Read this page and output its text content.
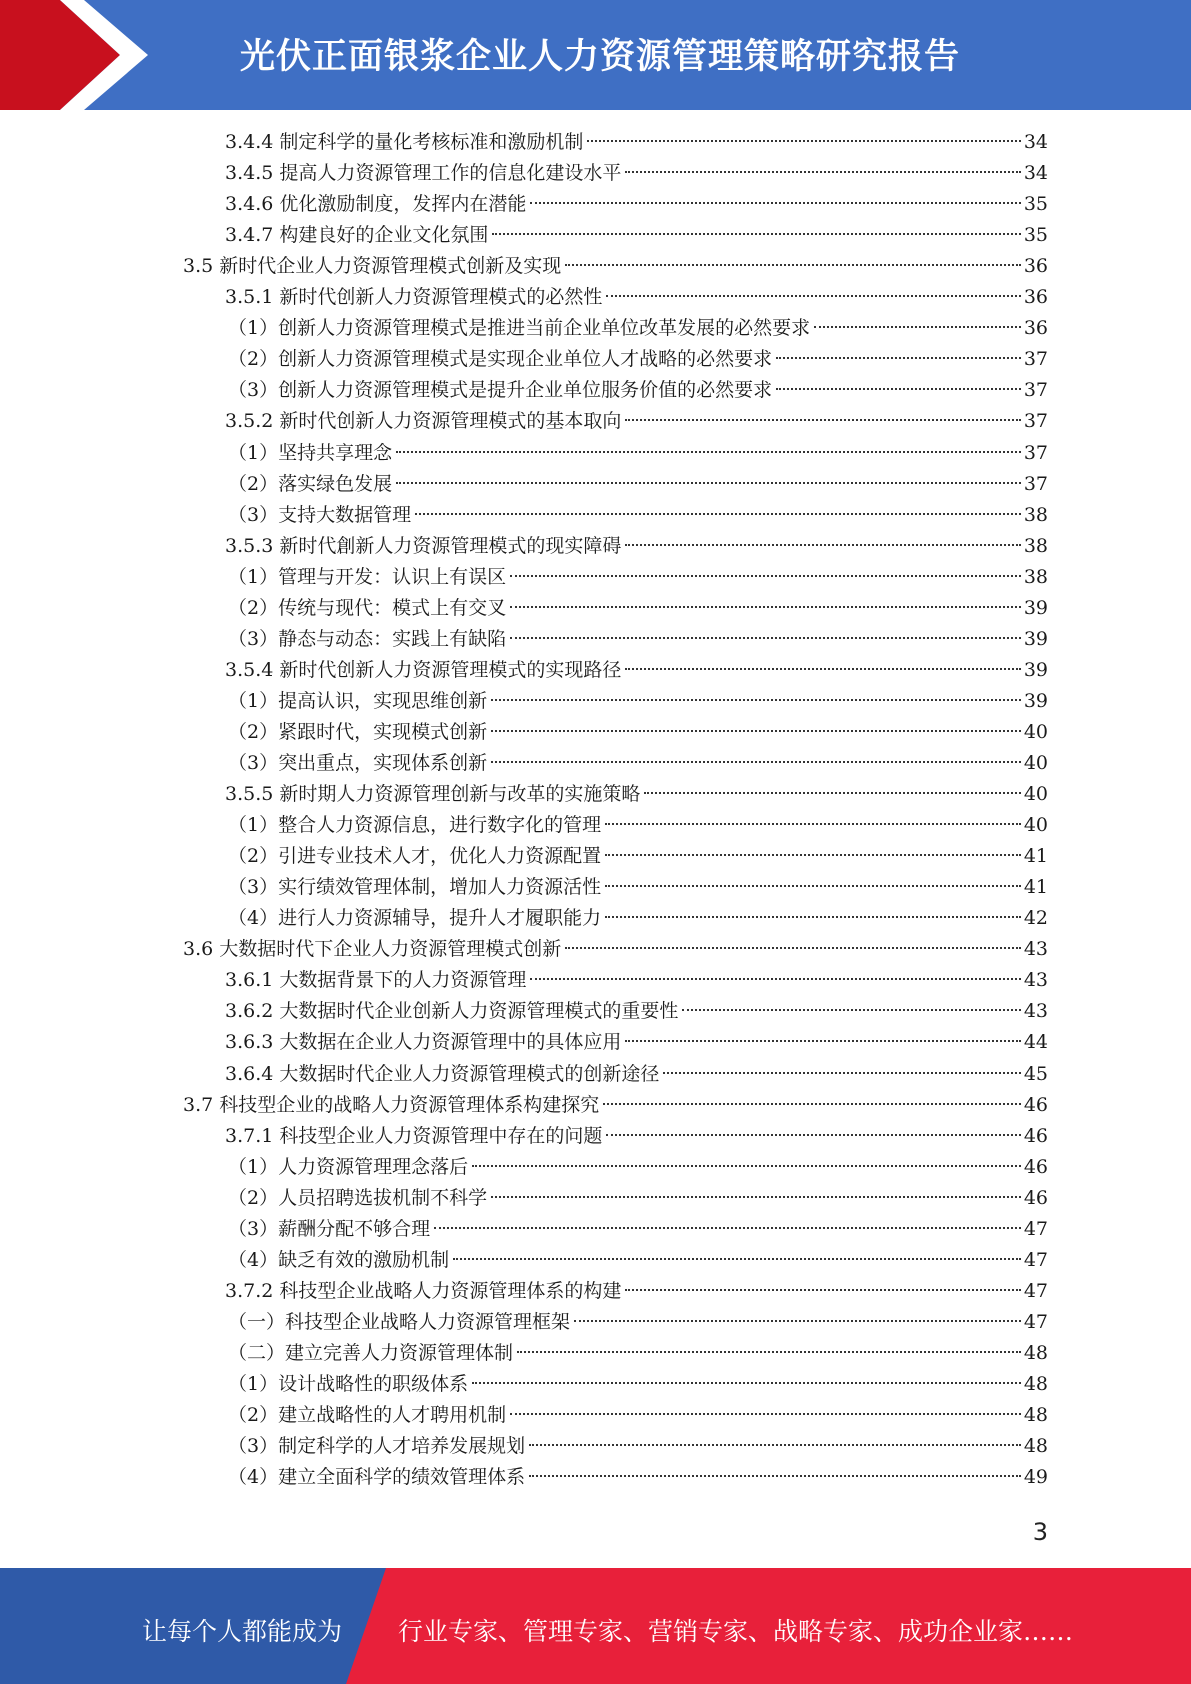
光伏正面银浆企业人力资源管理策略研究报告
3.4.4 制定科学的量化考核标准和激励机制	34
3.4.5 提高人力资源管理工作的信息化建设水平	34
3.4.6 优化激励制度，发挥内在潜能	35
3.4.7 构建良好的企业文化氛围	35
3.5 新时代企业人力资源管理模式创新及实现	36
3.5.1 新时代创新人力资源管理模式的必然性	36
（1）创新人力资源管理模式是推进当前企业单位改革发展的必然要求	36
（2）创新人力资源管理模式是实现企业单位人才战略的必然要求	37
（3）创新人力资源管理模式是提升企业单位服务价值的必然要求	37
3.5.2 新时代创新人力资源管理模式的基本取向	37
（1）坚持共享理念	37
（2）落实绿色发展	37
（3）支持大数据管理	38
3.5.3 新时代創新人力资源管理模式的现实障碍	38
（1）管理与开发：认识上有误区	38
（2）传统与现代：模式上有交叉	39
（3）静态与动态：实践上有缺陷	39
3.5.4 新时代创新人力资源管理模式的实现路径	39
（1）提高认识，实现思维创新	39
（2）紧跟时代，实现模式创新	40
（3）突出重点，实现体系创新	40
3.5.5 新时期人力资源管理创新与改革的实施策略	40
（1）整合人力资源信息，进行数字化的管理	40
（2）引进专业技术人才，优化人力资源配置	41
（3）实行绩效管理体制，增加人力资源活性	41
（4）进行人力资源辅导，提升人才履职能力	42
3.6 大数据时代下企业人力资源管理模式创新	43
3.6.1 大数据背景下的人力资源管理	43
3.6.2 大数据时代企业创新人力资源管理模式的重要性	43
3.6.3 大数据在企业人力资源管理中的具体应用	44
3.6.4 大数据时代企业人力资源管理模式的创新途径	45
3.7 科技型企业的战略人力资源管理体系构建探究	46
3.7.1 科技型企业人力资源管理中存在的问题	46
（1）人力资源管理理念落后	46
（2）人员招聘选拔机制不科学	46
（3）薪酬分配不够合理	47
（4）缺乏有效的激励机制	47
3.7.2 科技型企业战略人力资源管理体系的构建	47
（一）科技型企业战略人力资源管理框架	47
（二）建立完善人力资源管理体制	48
（1）设计战略性的职级体系	48
（2）建立战略性的人才聘用机制	48
（3）制定科学的人才培养发展规划	48
（4）建立全面科学的绩效管理体系	49
3
让每个人都能成为 行业专家、管理专家、营销专家、战略专家、成功企业家……
